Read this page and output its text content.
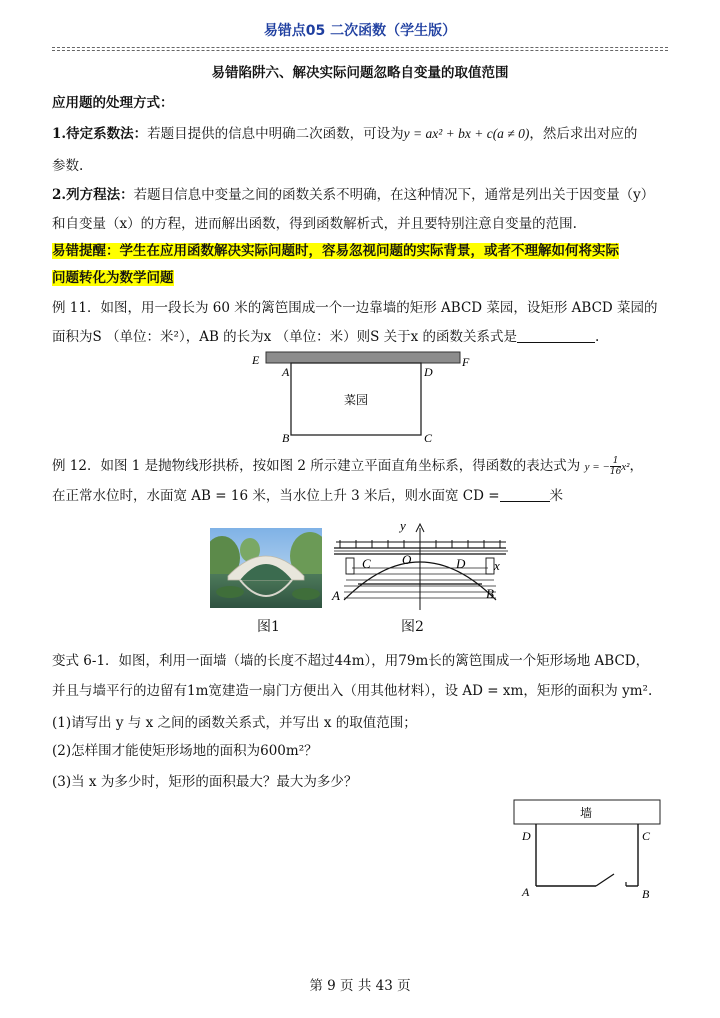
易错点05 二次函数（学生版）
易错陷阱六、解决实际问题忽略自变量的取值范围
应用题的处理方式：
1.待定系数法：若题目提供的信息中明确二次函数，可设为y = ax² + bx + c(a ≠ 0)，然后求出对应的
参数.
2.列方程法：若题目信息中变量之间的函数关系不明确，在这种情况下，通常是列出关于因变量（y）
和自变量（x）的方程，进而解出函数，得到函数解析式，并且要特别注意自变量的范围.
易错提醒：学生在应用函数解决实际问题时，容易忽视问题的实际背景，或者不理解如何将实际
问题转化为数学问题
例 11．如图，用一段长为 60 米的篱笆围成一个一边靠墙的矩形 ABCD 菜园，设矩形 ABCD 菜园的
面积为S （单位：米²），AB 的长为x （单位：米）则S 关于x 的函数关系式是	.
E	F
A	D
B	C
菜园
例 12．如图 1 是抛物线形拱桥，按如图 2 所示建立平面直角坐标系，得函数的表达式为 y = − $\frac{1}{16} x^2$，
在正常水位时，水面宽 AB = 16 米，当水位上升 3 米后，则水面宽 CD =	米
y
x
O
C	D
A	B
图1	图2
变式 6-1．如图，利用一面墙（墙的长度不超过44m），用79m长的篱笆围成一个矩形场地 ABCD，
并且与墙平行的边留有1m宽建造一扇门方便出入（用其他材料），设 AD = xm，矩形的面积为 ym².
(1)请写出 y 与 x 之间的函数关系式，并写出 x 的取值范围；
(2)怎样围才能使矩形场地的面积为600m²？
(3)当 x 为多少时，矩形的面积最大？最大为多少？
墙
D	C
A	B
第 9 页 共 43 页
